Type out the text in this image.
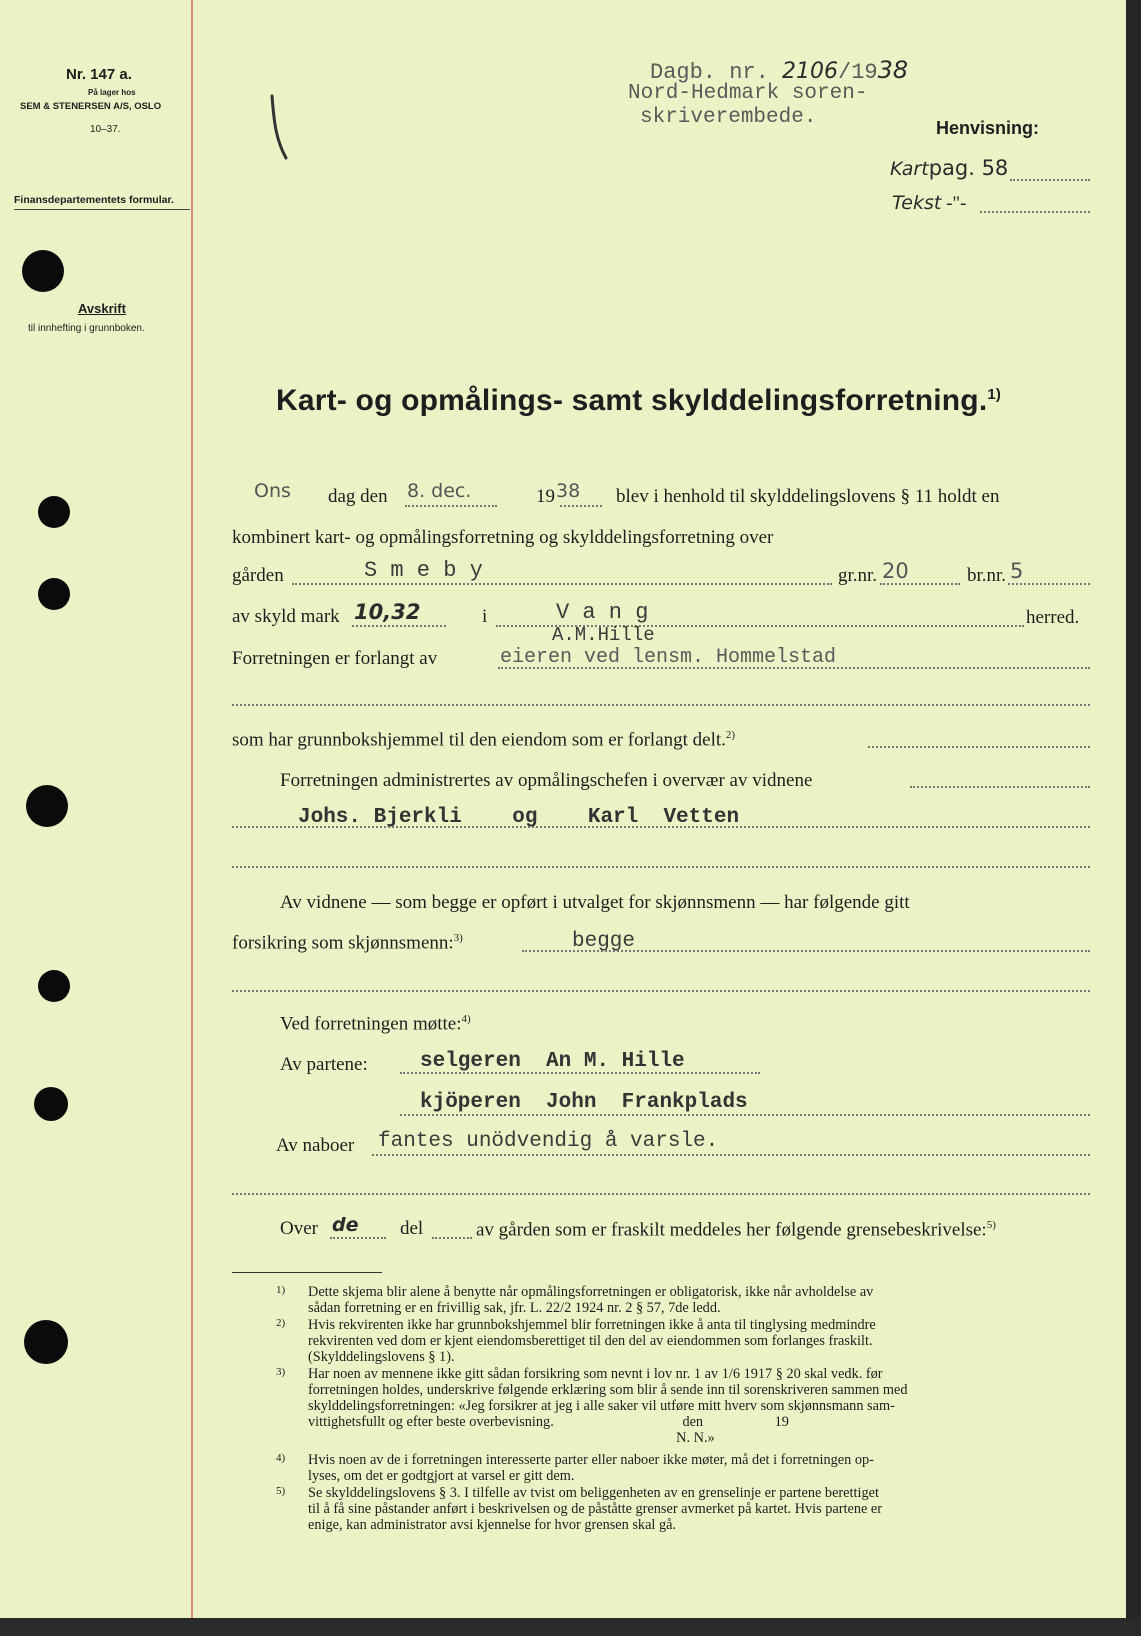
Nr. 147 a.
På lager hos
SEM & STENERSEN A/S, OSLO
10–37.
Finansdepartementets formular.
Avskrift
til innhefting i grunnboken.
Dagb. nr. 2106/1938
Nord-Hedmark soren-
skriverembede.	Henvisning:
Kartpag. 58
Tekst -"-
Kart- og opmålings- samt skylddelingsforretning.$^{1)}$
Ons dag den 8. dec.	19 38 blev i henhold til skylddelingslovens § 11 holdt en
kombinert kart- og opmålingsforretning og skylddelingsforretning over
gården	S m e b y	gr.nr. 20	br.nr. 5
av skyld mark 10,32	i	V a n g	herred.
A.M.Hille
Forretningen er forlangt av	eieren ved lensm. Hommelstad
som har grunnbokshjemmel til den eiendom som er forlangt delt.$^{2)}$
Forretningen administrertes av opmålingschefen i overvær av vidnene
Johs. Bjerkli    og    Karl  Vetten
Av vidnene — som begge er opført i utvalget for skjønnsmenn — har følgende gitt
forsikring som skjønnsmenn:$^{3)}$	begge
Ved forretningen møtte:$^{4)}$
Av partene: selgeren  An M. Hille
kjöperen  John  Frankplads
Av naboer fantes unödvendig å varsle.
Over de del	av gården som er fraskilt meddeles her følgende grensebeskrivelse:$^{5)}$
1) Dette skjema blir alene å benytte når opmålingsforretningen er obligatorisk, ikke når avholdelse av
sådan forretning er en frivillig sak, jfr. L. 22/2 1924 nr. 2 § 57, 7de ledd.
2) Hvis rekvirenten ikke har grunnbokshjemmel blir forretningen ikke å anta til tinglysing medmindre
rekvirenten ved dom er kjent eiendomsberettiget til den del av eiendommen som forlanges fraskilt.
(Skylddelingslovens § 1).
3) Har noen av mennene ikke gitt sådan forsikring som nevnt i lov nr. 1 av 1/6 1917 § 20 skal vedk. før
forretningen holdes, underskrive følgende erklæring som blir å sende inn til sorenskriveren sammen med
skylddelingsforretningen: «Jeg forsikrer at jeg i alle saker vil utføre mitt hverv som skjønnsmann sam-
vittighetsfullt og efter beste overbevisning.                                    den                    19
N. N.»
4) Hvis noen av de i forretningen interesserte parter eller naboer ikke møter, må det i forretningen op-
lyses, om det er godtgjort at varsel er gitt dem.
5) Se skylddelingslovens § 3. I tilfelle av tvist om beliggenheten av en grenselinje er partene berettiget
til å få sine påstander anført i beskrivelsen og de påståtte grenser avmerket på kartet. Hvis partene er
enige, kan administrator avsi kjennelse for hvor grensen skal gå.
